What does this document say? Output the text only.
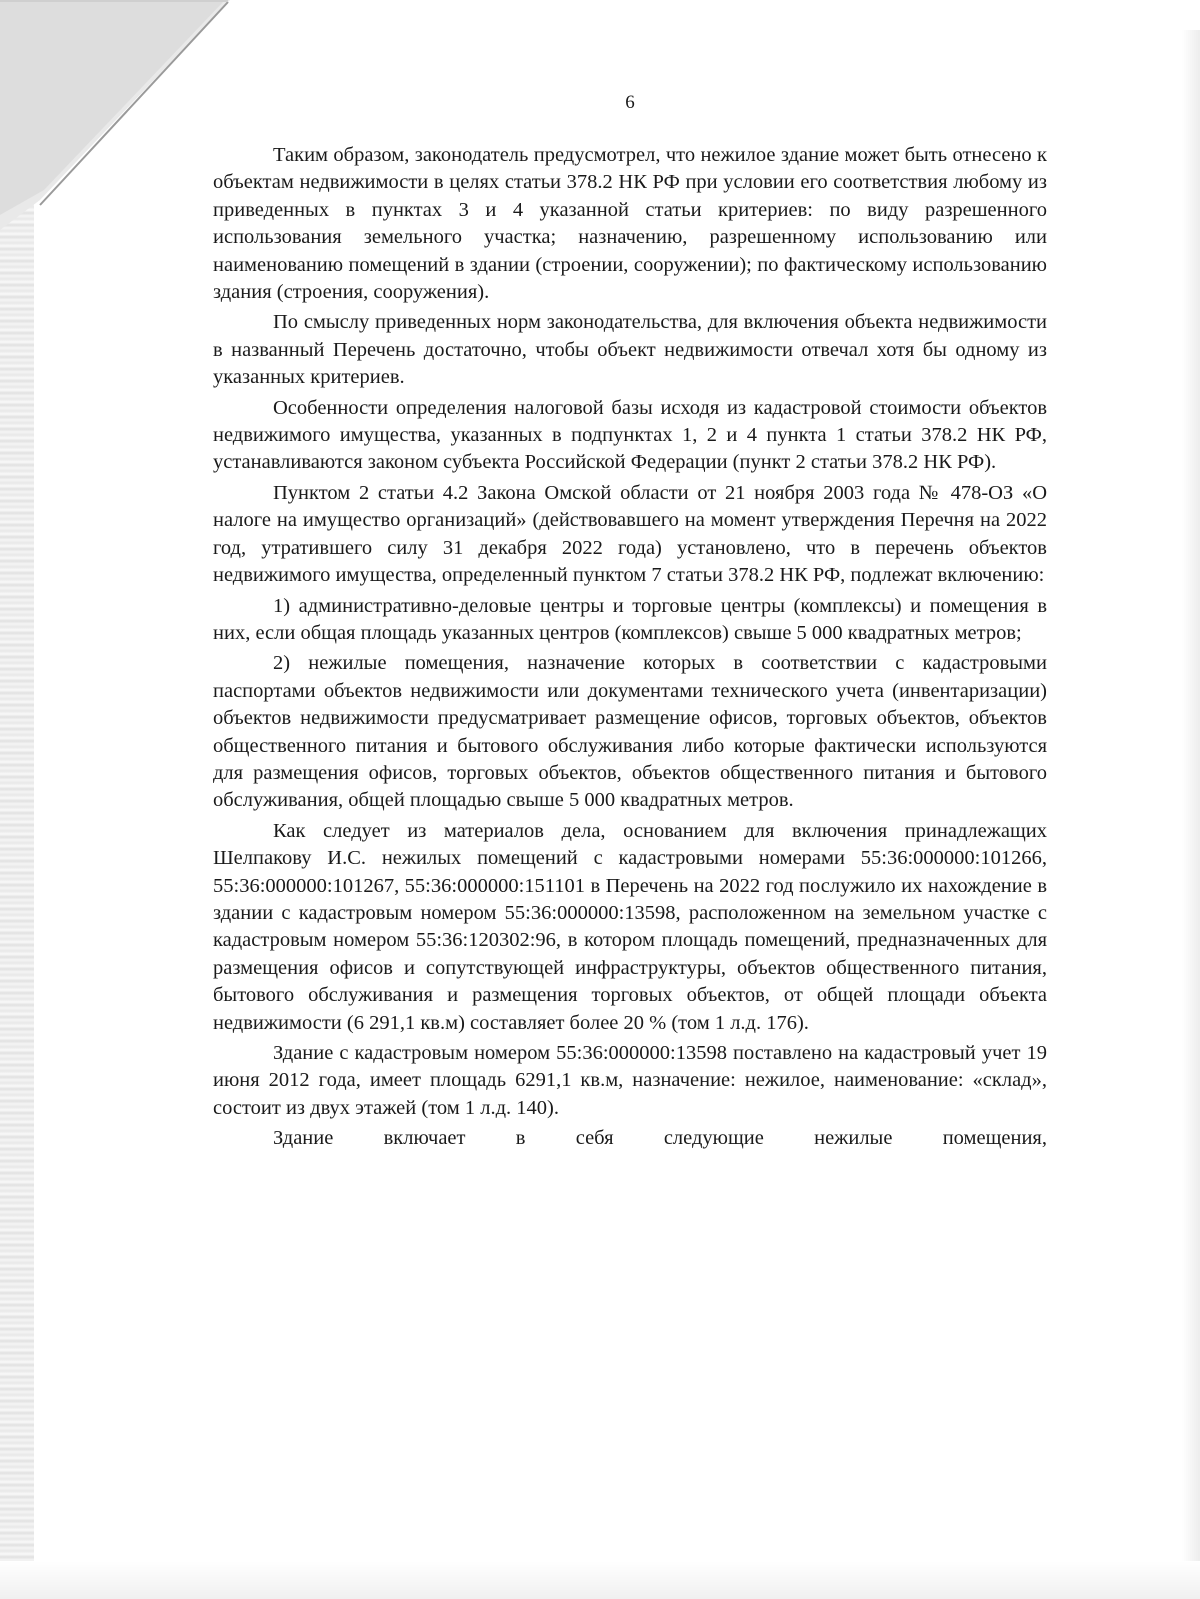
6

Таким образом, законодатель предусмотрел, что нежилое здание может быть отнесено к объектам недвижимости в целях статьи 378.2 НК РФ при условии его соответствия любому из приведенных в пунктах 3 и 4 указанной статьи критериев: по виду разрешенного использования земельного участка; назначению, разрешенному использованию или наименованию помещений в здании (строении, сооружении); по фактическому использованию здания (строения, сооружения).

По смыслу приведенных норм законодательства, для включения объекта недвижимости в названный Перечень достаточно, чтобы объект недвижимости отвечал хотя бы одному из указанных критериев.

Особенности определения налоговой базы исходя из кадастровой стоимости объектов недвижимого имущества, указанных в подпунктах 1, 2 и 4 пункта 1 статьи 378.2 НК РФ, устанавливаются законом субъекта Российской Федерации (пункт 2 статьи 378.2 НК РФ).

Пунктом 2 статьи 4.2 Закона Омской области от 21 ноября 2003 года № 478-ОЗ «О налоге на имущество организаций» (действовавшего на момент утверждения Перечня на 2022 год, утратившего силу 31 декабря 2022 года) установлено, что в перечень объектов недвижимого имущества, определенный пунктом 7 статьи 378.2 НК РФ, подлежат включению:

1) административно-деловые центры и торговые центры (комплексы) и помещения в них, если общая площадь указанных центров (комплексов) свыше 5 000 квадратных метров;

2) нежилые помещения, назначение которых в соответствии с кадастровыми паспортами объектов недвижимости или документами технического учета (инвентаризации) объектов недвижимости предусматривает размещение офисов, торговых объектов, объектов общественного питания и бытового обслуживания либо которые фактически используются для размещения офисов, торговых объектов, объектов общественного питания и бытового обслуживания, общей площадью свыше 5 000 квадратных метров.

Как следует из материалов дела, основанием для включения принадлежащих Шелпакову И.С. нежилых помещений с кадастровыми номерами 55:36:000000:101266, 55:36:000000:101267, 55:36:000000:151101 в Перечень на 2022 год послужило их нахождение в здании с кадастровым номером 55:36:000000:13598, расположенном на земельном участке с кадастровым номером 55:36:120302:96, в котором площадь помещений, предназначенных для размещения офисов и сопутствующей инфраструктуры, объектов общественного питания, бытового обслуживания и размещения торговых объектов, от общей площади объекта недвижимости (6 291,1 кв.м) составляет более 20 % (том 1 л.д. 176).

Здание с кадастровым номером 55:36:000000:13598 поставлено на кадастровый учет 19 июня 2012 года, имеет площадь 6291,1 кв.м, назначение: нежилое, наименование: «склад», состоит из двух этажей (том 1 л.д. 140).

Здание включает в себя следующие нежилые помещения,
